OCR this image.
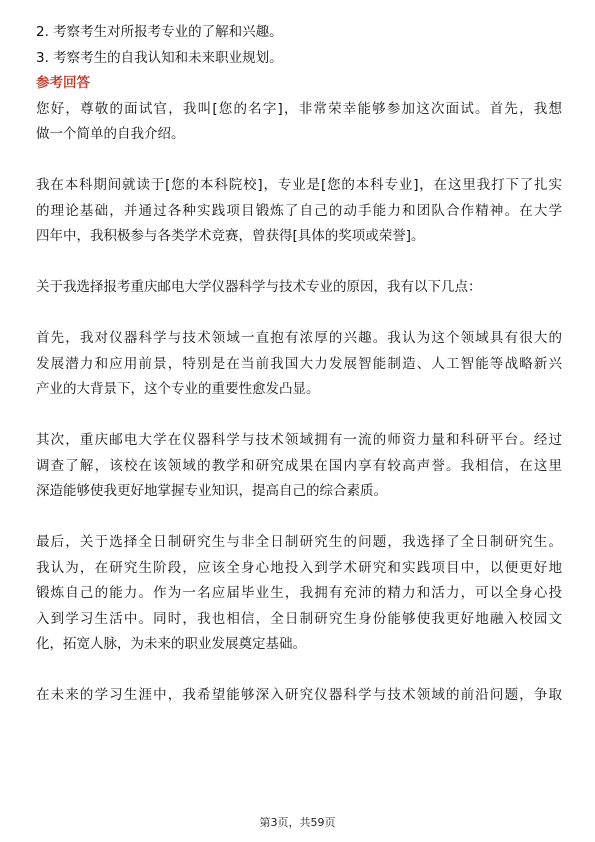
2. 考察考生对所报考专业的了解和兴趣。
3. 考察考生的自我认知和未来职业规划。
参考回答
您好，尊敬的面试官，我叫[您的名字]，非常荣幸能够参加这次面试。首先，我想
做一个简单的自我介绍。
我在本科期间就读于[您的本科院校]，专业是[您的本科专业]，在这里我打下了扎实
的理论基础，并通过各种实践项目锻炼了自己的动手能力和团队合作精神。在大学
四年中，我积极参与各类学术竞赛，曾获得[具体的奖项或荣誉]。
关于我选择报考重庆邮电大学仪器科学与技术专业的原因，我有以下几点：
首先，我对仪器科学与技术领域一直抱有浓厚的兴趣。我认为这个领域具有很大的
发展潜力和应用前景，特别是在当前我国大力发展智能制造、人工智能等战略新兴
产业的大背景下，这个专业的重要性愈发凸显。
其次，重庆邮电大学在仪器科学与技术领域拥有一流的师资力量和科研平台。经过
调查了解，该校在该领域的教学和研究成果在国内享有较高声誉。我相信，在这里
深造能够使我更好地掌握专业知识，提高自己的综合素质。
最后，关于选择全日制研究生与非全日制研究生的问题，我选择了全日制研究生。
我认为，在研究生阶段，应该全身心地投入到学术研究和实践项目中，以便更好地
锻炼自己的能力。作为一名应届毕业生，我拥有充沛的精力和活力，可以全身心投
入到学习生活中。同时，我也相信，全日制研究生身份能够使我更好地融入校园文
化，拓宽人脉，为未来的职业发展奠定基础。
在未来的学习生涯中，我希望能够深入研究仪器科学与技术领域的前沿问题，争取
第3页，共59页
